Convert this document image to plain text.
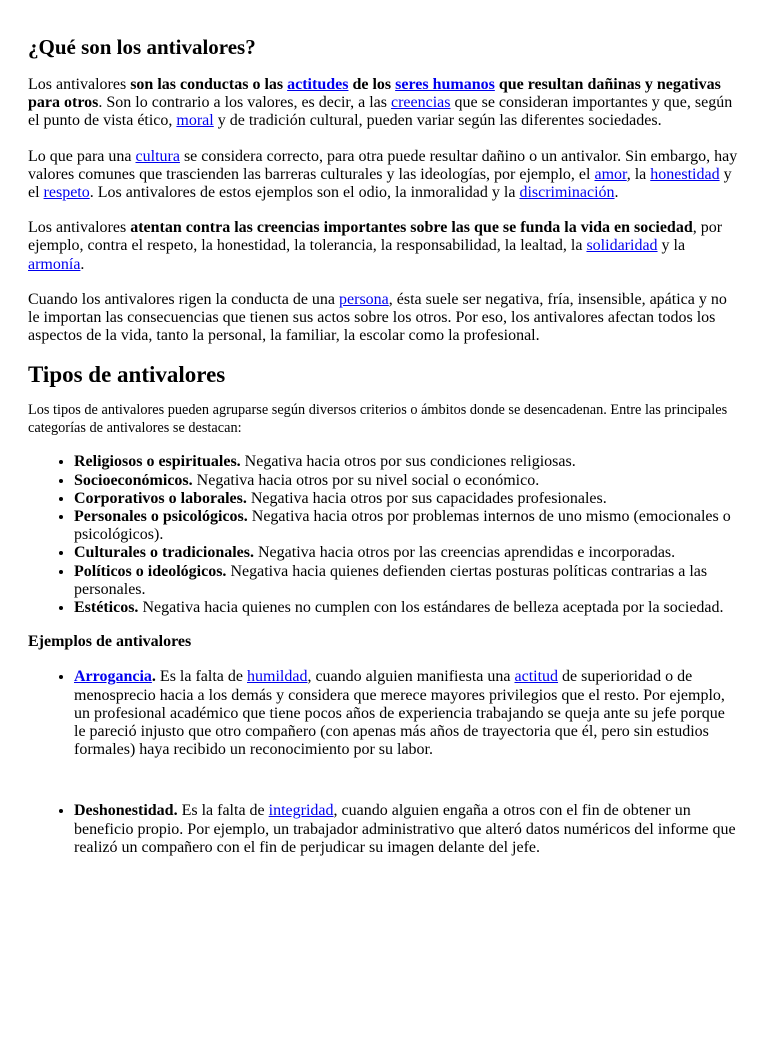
¿Qué son los antivalores?

Los antivalores son las conductas o las actitudes de los seres humanos que resultan dañinas y negativas para otros. Son lo contrario a los valores, es decir, a las creencias que se consideran importantes y que, según el punto de vista ético, moral y de tradición cultural, pueden variar según las diferentes sociedades.

Lo que para una cultura se considera correcto, para otra puede resultar dañino o un antivalor. Sin embargo, hay valores comunes que trascienden las barreras culturales y las ideologías, por ejemplo, el amor, la honestidad y el respeto. Los antivalores de estos ejemplos son el odio, la inmoralidad y la discriminación.

Los antivalores atentan contra las creencias importantes sobre las que se funda la vida en sociedad, por ejemplo, contra el respeto, la honestidad, la tolerancia, la responsabilidad, la lealtad, la solidaridad y la armonía.

Cuando los antivalores rigen la conducta de una persona, ésta suele ser negativa, fría, insensible, apática y no le importan las consecuencias que tienen sus actos sobre los otros. Por eso, los antivalores afectan todos los aspectos de la vida, tanto la personal, la familiar, la escolar como la profesional.

Tipos de antivalores

Los tipos de antivalores pueden agruparse según diversos criterios o ámbitos donde se desencadenan. Entre las principales categorías de antivalores se destacan:

• Religiosos o espirituales. Negativa hacia otros por sus condiciones religiosas.
• Socioeconómicos. Negativa hacia otros por su nivel social o económico.
• Corporativos o laborales. Negativa hacia otros por sus capacidades profesionales.
• Personales o psicológicos. Negativa hacia otros por problemas internos de uno mismo (emocionales o psicológicos).
• Culturales o tradicionales. Negativa hacia otros por las creencias aprendidas e incorporadas.
• Políticos o ideológicos. Negativa hacia quienes defienden ciertas posturas políticas contrarias a las personales.
• Estéticos. Negativa hacia quienes no cumplen con los estándares de belleza aceptada por la sociedad.

Ejemplos de antivalores

• Arrogancia. Es la falta de humildad, cuando alguien manifiesta una actitud de superioridad o de menosprecio hacia a los demás y considera que merece mayores privilegios que el resto. Por ejemplo, un profesional académico que tiene pocos años de experiencia trabajando se queja ante su jefe porque le pareció injusto que otro compañero (con apenas más años de trayectoria que él, pero sin estudios formales) haya recibido un reconocimiento por su labor.
• Deshonestidad. Es la falta de integridad, cuando alguien engaña a otros con el fin de obtener un beneficio propio. Por ejemplo, un trabajador administrativo que alteró datos numéricos del informe que realizó un compañero con el fin de perjudicar su imagen delante del jefe.
